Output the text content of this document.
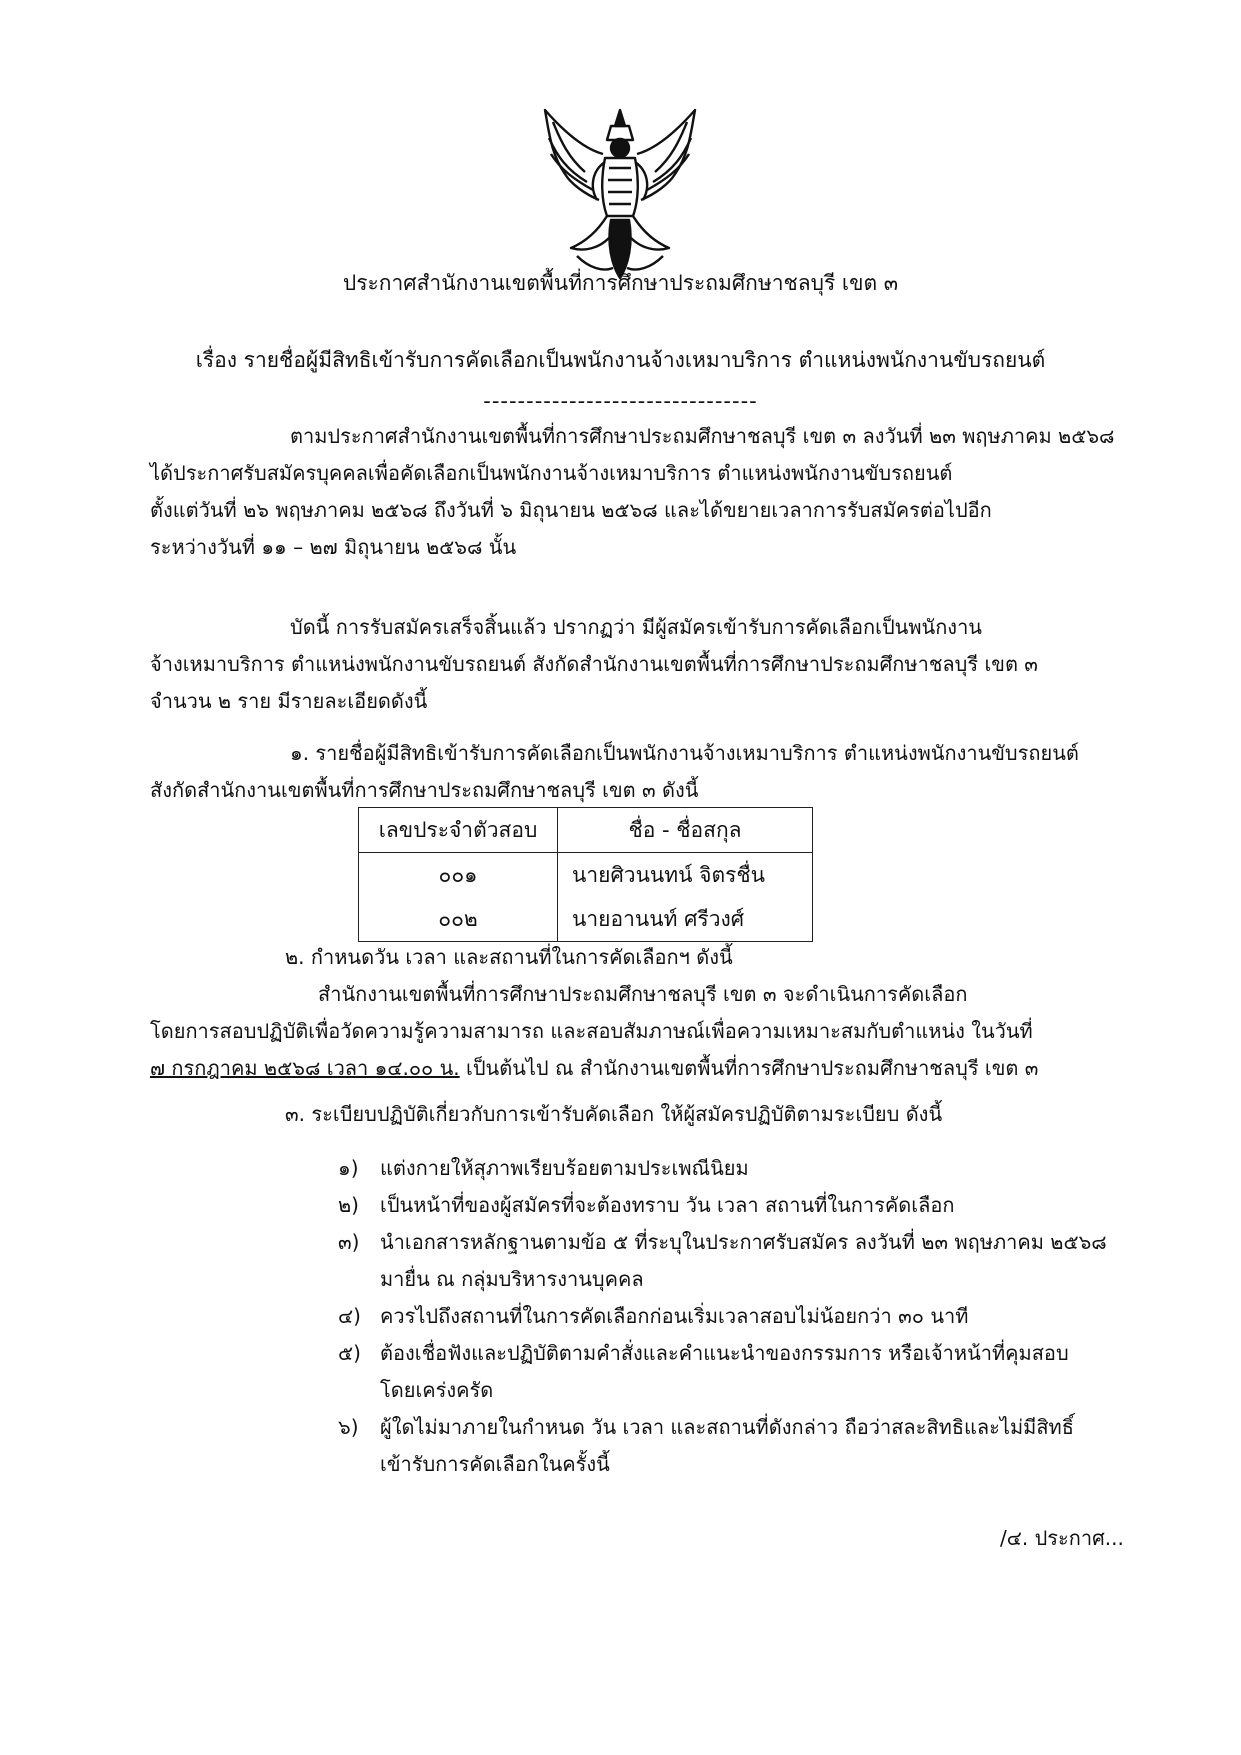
ประกาศสำนักงานเขตพื้นที่การศึกษาประถมศึกษาชลบุรี เขต ๓
เรื่อง รายชื่อผู้มีสิทธิเข้ารับการคัดเลือกเป็นพนักงานจ้างเหมาบริการ ตำแหน่งพนักงานขับรถยนต์
--------------------------------
ตามประกาศสำนักงานเขตพื้นที่การศึกษาประถมศึกษาชลบุรี เขต ๓ ลงวันที่ ๒๓ พฤษภาคม ๒๕๖๘
ได้ประกาศรับสมัครบุคคลเพื่อคัดเลือกเป็นพนักงานจ้างเหมาบริการ ตำแหน่งพนักงานขับรถยนต์
ตั้งแต่วันที่ ๒๖ พฤษภาคม ๒๕๖๘ ถึงวันที่ ๖ มิถุนายน ๒๕๖๘ และได้ขยายเวลาการรับสมัครต่อไปอีก
ระหว่างวันที่ ๑๑ – ๒๗ มิถุนายน ๒๕๖๘ นั้น
บัดนี้ การรับสมัครเสร็จสิ้นแล้ว ปรากฏว่า มีผู้สมัครเข้ารับการคัดเลือกเป็นพนักงาน
จ้างเหมาบริการ ตำแหน่งพนักงานขับรถยนต์ สังกัดสำนักงานเขตพื้นที่การศึกษาประถมศึกษาชลบุรี เขต ๓
จำนวน ๒ ราย มีรายละเอียดดังนี้
๑. รายชื่อผู้มีสิทธิเข้ารับการคัดเลือกเป็นพนักงานจ้างเหมาบริการ ตำแหน่งพนักงานขับรถยนต์
สังกัดสำนักงานเขตพื้นที่การศึกษาประถมศึกษาชลบุรี เขต ๓ ดังนี้
เลขประจำตัวสอบ	ชื่อ - ชื่อสกุล
๐๐๑	นายศิวนนทน์ จิตรชื่น
๐๐๒	นายอานนท์ ศรีวงศ์
๒. กำหนดวัน เวลา และสถานที่ในการคัดเลือกฯ ดังนี้
สำนักงานเขตพื้นที่การศึกษาประถมศึกษาชลบุรี เขต ๓ จะดำเนินการคัดเลือก
โดยการสอบปฏิบัติเพื่อวัดความรู้ความสามารถ และสอบสัมภาษณ์เพื่อความเหมาะสมกับตำแหน่ง ในวันที่
๗ กรกฎาคม ๒๕๖๘ เวลา ๑๔.๐๐ น. เป็นต้นไป ณ สำนักงานเขตพื้นที่การศึกษาประถมศึกษาชลบุรี เขต ๓
๓. ระเบียบปฏิบัติเกี่ยวกับการเข้ารับคัดเลือก ให้ผู้สมัครปฏิบัติตามระเบียบ ดังนี้
๑) แต่งกายให้สุภาพเรียบร้อยตามประเพณีนิยม
๒) เป็นหน้าที่ของผู้สมัครที่จะต้องทราบ วัน เวลา สถานที่ในการคัดเลือก
๓) นำเอกสารหลักฐานตามข้อ ๕ ที่ระบุในประกาศรับสมัคร ลงวันที่ ๒๓ พฤษภาคม ๒๕๖๘
มายื่น ณ กลุ่มบริหารงานบุคคล
๔) ควรไปถึงสถานที่ในการคัดเลือกก่อนเริ่มเวลาสอบไม่น้อยกว่า ๓๐ นาที
๕) ต้องเชื่อฟังและปฏิบัติตามคำสั่งและคำแนะนำของกรรมการ หรือเจ้าหน้าที่คุมสอบ
โดยเคร่งครัด
๖) ผู้ใดไม่มาภายในกำหนด วัน เวลา และสถานที่ดังกล่าว ถือว่าสละสิทธิและไม่มีสิทธิ์
เข้ารับการคัดเลือกในครั้งนี้
/๔. ประกาศ...
